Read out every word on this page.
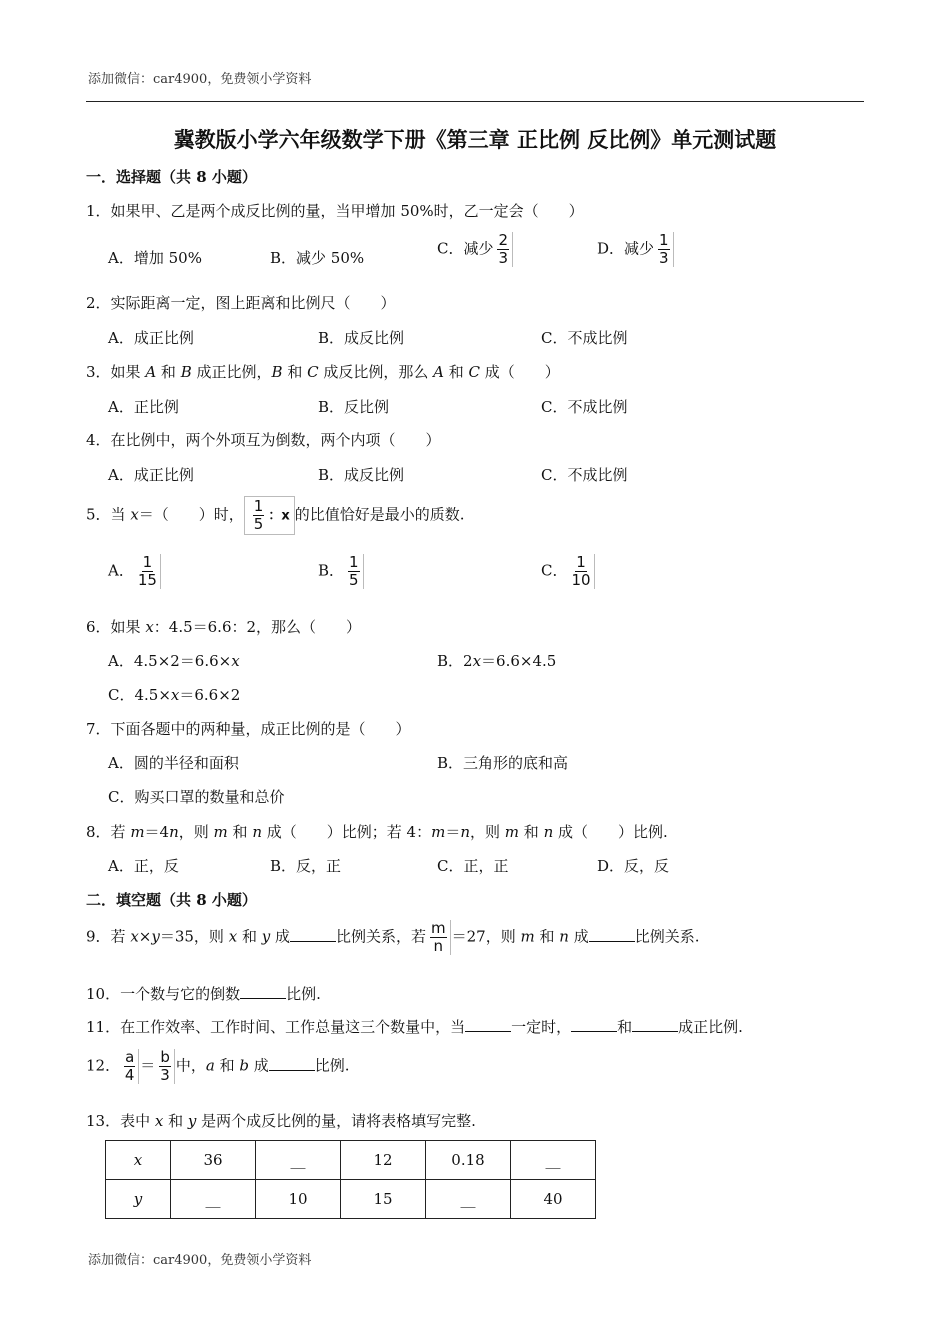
添加微信：car4900，免费领小学资料
冀教版小学六年级数学下册《第三章 正比例 反比例》单元测试题
一．选择题（共 8 小题）
1．如果甲、乙是两个成反比例的量，当甲增加 50%时，乙一定会（　　）
A．增加 50%	B．减少 50%
C．减少 $\frac{2}{3}$	D．减少 $\frac{1}{3}$
2．实际距离一定，图上距离和比例尺（　　）
A．成正比例	B．成反比例	C．不成比例
3．如果 A 和 B 成正比例，B 和 C 成反比例，那么 A 和 C 成（　　）
A．正比例	B．反比例	C．不成比例
4．在比例中，两个外项互为倒数，两个内项（　　）
A．成正比例	B．成反比例	C．不成比例
5．当 x＝（　　）时， $\frac{1}{5}$ ：x 的比值恰好是最小的质数.
A． $\frac{1}{15}$	B． $\frac{1}{5}$	C． $\frac{1}{10}$
6．如果 x：4.5＝6.6：2，那么（　　）
A．4.5×2＝6.6×x	B．2x＝6.6×4.5
C．4.5×x＝6.6×2
7．下面各题中的两种量，成正比例的是（　　）
A．圆的半径和面积	B．三角形的底和高
C．购买口罩的数量和总价
8．若 m＝4n，则 m 和 n 成（　　）比例；若 4：m＝n，则 m 和 n 成（　　）比例.
A．正，反	B．反，正	C．正，正	D．反，反
二．填空题（共 8 小题）
9．若 x×y＝35，则 x 和 y 成	比例关系，若 $\frac{m}{n} =27$，则 m 和 n 成	比例关系.
10．一个数与它的倒数	比例.
11．在工作效率、工作时间、工作总量这三个数量中，当	一定时，	和	成正比例.
12． $\frac{a}{4} = \frac{b}{3}$ 中，a 和 b 成	比例.
13．表中 x 和 y 是两个成反比例的量，请将表格填写完整.
x	36	__	12	0.18	__
y	__	10	15	__	40
添加微信：car4900，免费领小学资料
